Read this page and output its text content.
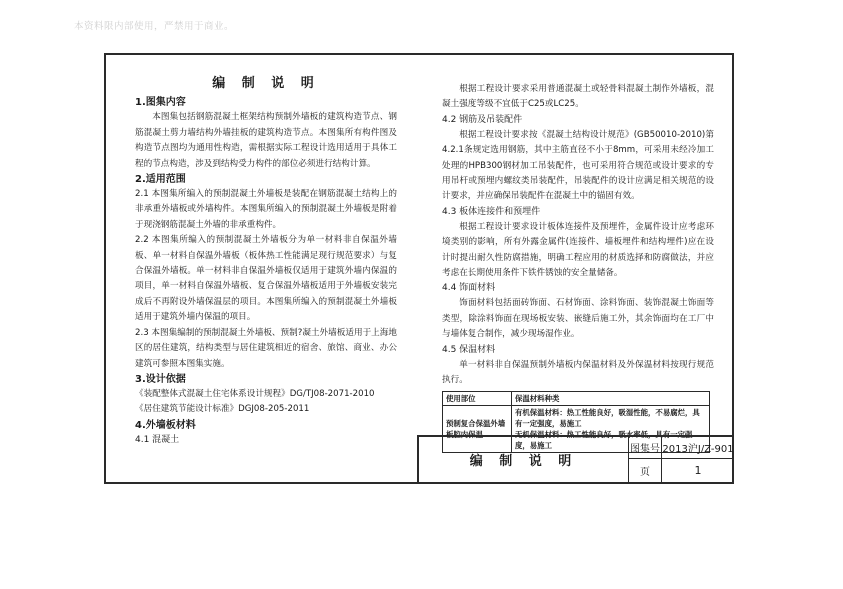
本资料限内部使用，严禁用于商业。
编 制 说 明
1.图集内容

本图集包括钢筋混凝土框架结构预制外墙板的建筑构造节点、钢筋混凝土剪力墙结构外墙挂板的建筑构造节点。本图集所有构件图及构造节点图均为通用性构造，需根据实际工程设计选用适用于具体工程的节点构造，涉及到结构受力构件的部位必须进行结构计算。

2.适用范围

2.1 本图集所编入的预制混凝土外墙板是装配在钢筋混凝土结构上的非承重外墙板或外墙构件。本图集所编入的预制混凝土外墙板是附着于现浇钢筋混凝土外墙的非承重构件。

2.2 本图集所编入的预制混凝土外墙板分为单一材料非自保温外墙板、单一材料自保温外墙板（板体热工性能满足现行规范要求）与复合保温外墙板。单一材料非自保温外墙板仅适用于建筑外墙内保温的项目，单一材料自保温外墙板、复合保温外墙板适用于外墙板安装完成后不再附设外墙保温层的项目。本图集所编入的预制混凝土外墙板适用于建筑外墙内保温的项目。

2.3 本图集编制的预制混凝土外墙板、预制?凝土外墙板适用于上海地区的居住建筑，结构类型与居住建筑相近的宿舍、旅馆、商业、办公建筑可参照本图集实施。

3.设计依据

《装配整体式混凝土住宅体系设计规程》DG/TJ08-2071-2010

《居住建筑节能设计标准》DGJ08-205-2011

4.外墙板材料
4.1 混凝土

根据工程设计要求采用普通混凝土或轻骨料混凝土制作外墙板，混凝土强度等级不宜低于C25或LC25。

4.2 钢筋及吊装配件

根据工程设计要求按《混凝土结构设计规范》(GB50010-2010)第4.2.1条规定选用钢筋，其中主筋直径不小于8mm，可采用未经冷加工处理的HPB300钢材加工吊装配件，也可采用符合规范或设计要求的专用吊杆或预埋内螺纹类吊装配件，吊装配件的设计应满足相关规范的设计要求，并应确保吊装配件在混凝土中的锚固有效。

4.3 板体连接件和预埋件

根据工程设计要求设计板体连接件及预埋件，金属件设计应考虑环境类别的影响，所有外露金属件(连接件、墙板埋件和结构埋件)应在设计时提出耐久性防腐措施，明确工程应用的材质选择和防腐做法，并应考虑在长期使用条件下铁件锈蚀的安全量储备。

4.4 饰面材料

饰面材料包括面砖饰面、石材饰面、涂料饰面、装饰混凝土饰面等类型，除涂料饰面在现场板安装、嵌缝后施工外，其余饰面均在工厂中与墙体复合制作，减少现场湿作业。

4.5 保温材料

单一材料非自保温预制外墙板内保温材料及外保温材料按现行规范执行。

使用部位	保温材料种类
预制复合保温外墙板腔内保温	有机保温材料：热工性能良好，吸湿性能，不易腐烂，具有一定强度，易施工
无机保温材料：热工性能良好，吸水率低，具有一定强度，易施工
编 制 说 明
图集号 2013沪J/Z-901
页	1
